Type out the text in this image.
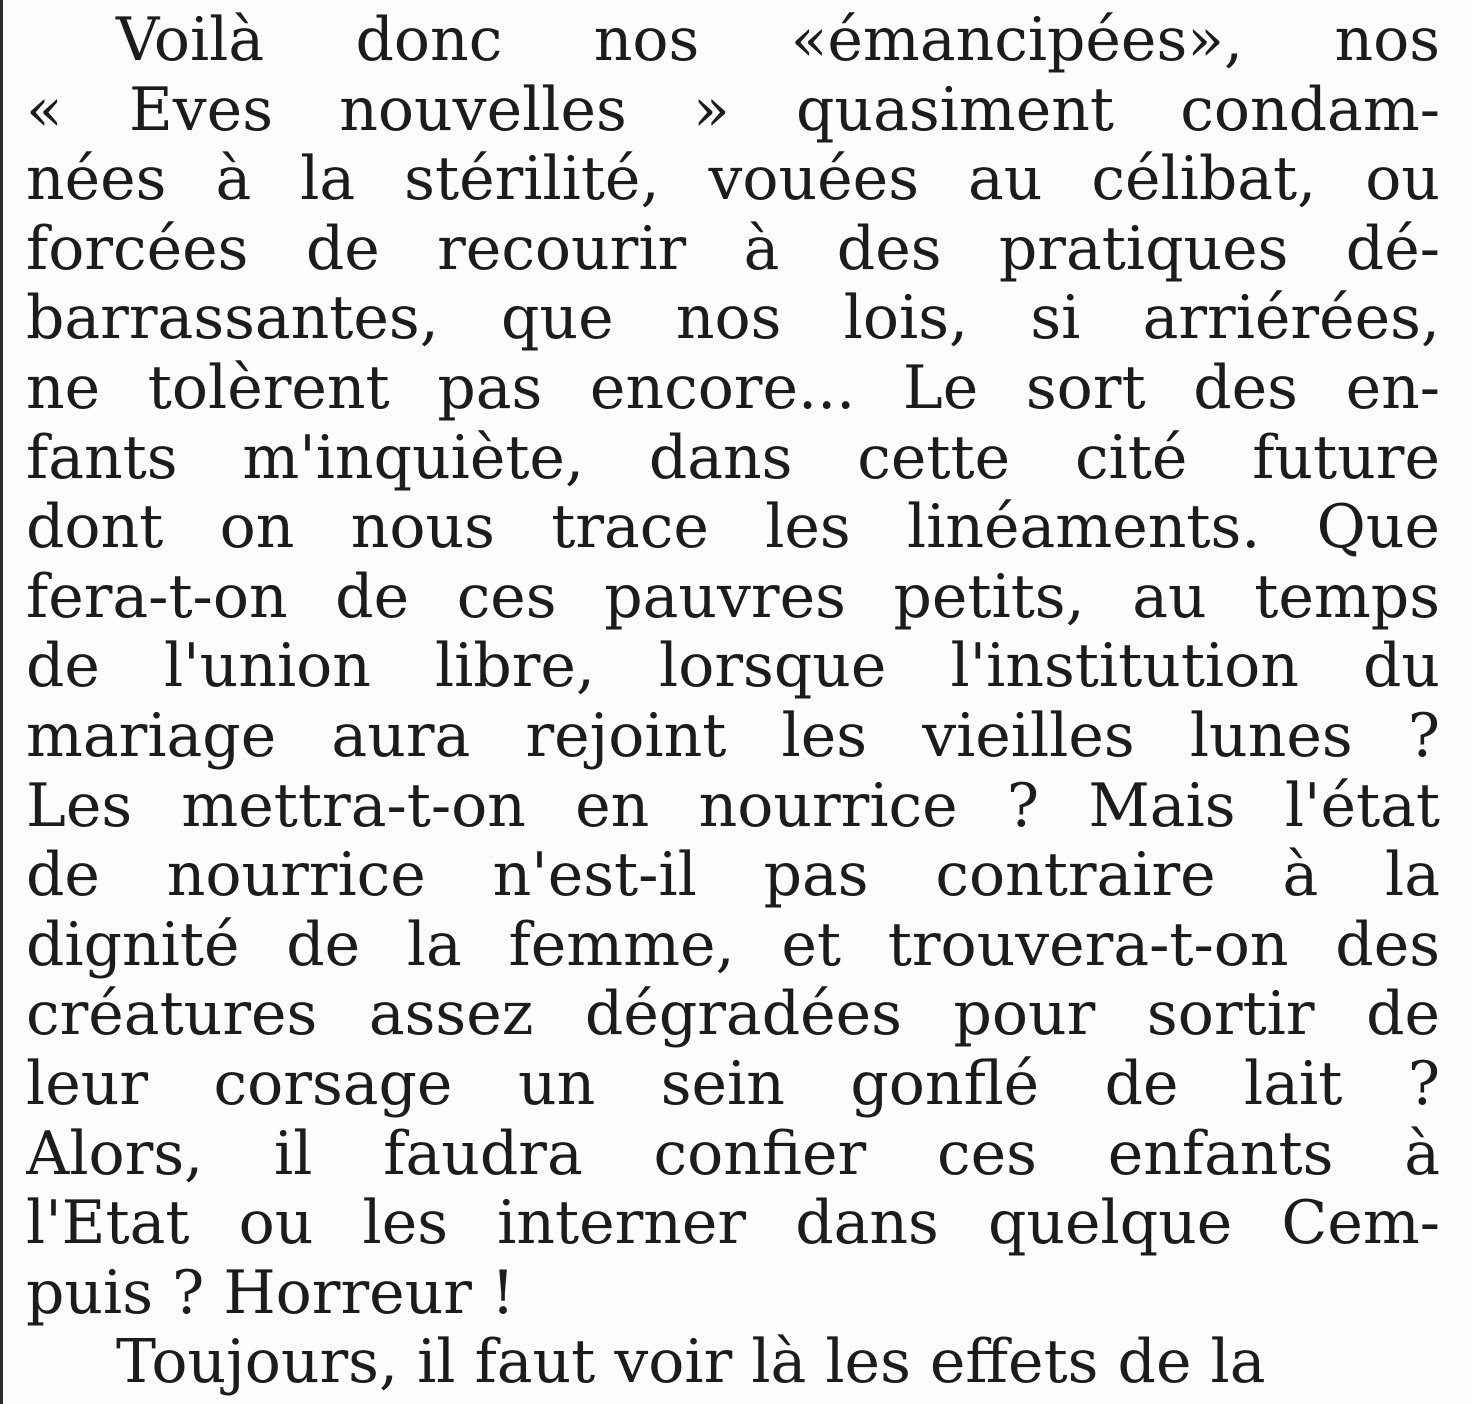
Voilà donc nos «émancipées», nos
« Eves nouvelles » quasiment condam-
nées à la stérilité, vouées au célibat, ou
forcées de recourir à des pratiques dé-
barrassantes, que nos lois, si arriérées,
ne tolèrent pas encore... Le sort des en-
fants m'inquiète, dans cette cité future
dont on nous trace les linéaments. Que
fera-t-on de ces pauvres petits, au temps
de l'union libre, lorsque l'institution du
mariage aura rejoint les vieilles lunes ?
Les mettra-t-on en nourrice ? Mais l'état
de nourrice n'est-il pas contraire à la
dignité de la femme, et trouvera-t-on des
créatures assez dégradées pour sortir de
leur corsage un sein gonflé de lait ?
Alors, il faudra confier ces enfants à
l'Etat ou les interner dans quelque Cem-
puis ? Horreur !
Toujours, il faut voir là les effets de la
